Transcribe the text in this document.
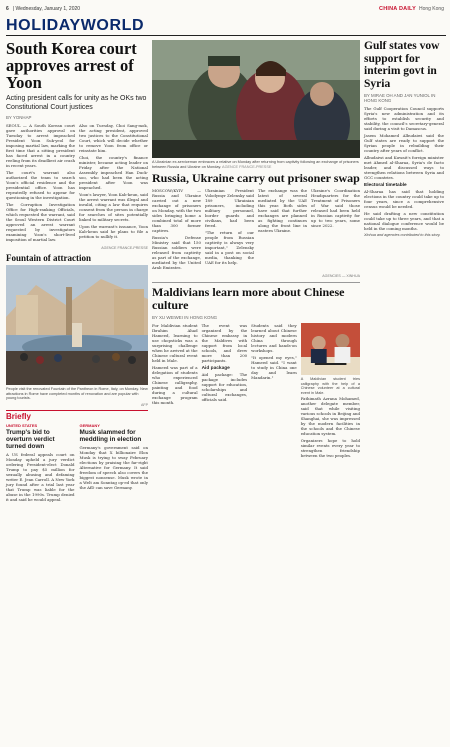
6 | Wednesday, January 1, 2020	CHINA DAILY Hong Kong
HOLIDAYWORLD
South Korea court approves arrest of Yoon
Acting president calls for unity as he OKs two Constitutional Court justices
BY YONHAP

SEOUL — A South Korean court gave authorities approval on Tuesday to arrest impeached President Yoon Suk-yeol for imposing martial law, marking the first time that a sitting president has faced arrest in a country reeling from its deadliest air crash in recent years.

The court's warrant also authorized the team to search Yoon's official residence and the presidential office. Yoon has repeatedly refused to appear for questioning in the investigation.

The Corruption Investigation Office for High-ranking Officials, which requested the warrant, said the Seoul Western District Court approved an arrest warrant requested by investigators examining Yoon's short-lived imposition of martial law.

Also on Tuesday, Choi Sang-mok, the acting president, approved two justices to the Constitutional Court, which will decide whether to remove Yoon from office or reinstate him.

Choi, the country's finance minister, became acting leader on Friday after the National Assembly impeached Han Duck-soo, who had been the acting president after Yoon was impeached.

Yoon's lawyer, Yoon Kab-keun, said the arrest warrant was illegal and invalid, citing a law that requires consent from the person in charge for searches of sites potentially linked to military secrets.

Upon the warrant's issuance, Yoon Kab-keun said he plans to file a petition to nullify it.

AGENCE FRANCE-PRESSE
Fountain of attraction
People visit the renovated Fountain of the Pantheon in Rome, Italy, on Monday. New attractions in Rome have completed months of renovation and are popular with young tourists.
AFP
Briefly
UNITED STATES
Trump's bid to overturn verdict turned down
A US federal appeals court on Monday upheld a jury verdict ordering President-elect Donald Trump to pay $5 million for sexually abusing and defaming writer E. Jean Carroll. A New York jury found after a trial last year that Trump was liable for the abuse in the 1990s. Trump denied it and said he would appeal.
GERMANY
Musk slammed for meddling in election
Germany's government said on Monday that X billionaire Elon Musk is trying to sway February elections by praising the far-right Alternative for Germany. It said freedom of speech also covers the biggest nonsense. Musk wrote in a Welt am Sonntag op-ed that only the AfD can save Germany.
A Ukrainian ex-serviceman embraces a relative on Monday after returning from captivity following an exchange of prisoners between Russia and Ukraine on Monday. AGENCE FRANCE-PRESSE
Russia, Ukraine carry out prisoner swap

MOSCOW/KYIV — Russia and Ukraine carried out a new exchange of prisoners on Monday, with the two sides bringing home a combined total of more than 300 former captives.

Russia's Defense Ministry said that 150 Russian soldiers were released from captivity as part of the exchange, mediated by the United Arab Emirates.

Ukrainian President Volodymyr Zelensky said 189 Ukrainian prisoners, including military personnel, border guards and civilians, had been freed.

"The return of our people from Russian captivity is always very important," Zelensky said in a post on social media, thanking the UAE for its help.

The exchange was the latest of several mediated by the UAE this year. Both sides have said that further exchanges are planned as fighting continues along the front line in eastern Ukraine.

Ukraine's Coordination Headquarters for the Treatment of Prisoners of War said those released had been held in Russian captivity for up to two years, some since 2022.

AGENCIES — XINHUA
Maldivians learn more about Chinese culture
BY XU WEIWEI IN HONG KONG

For Maldivian student Ibrahim Ahad Hameed, learning to use chopsticks was a surprising challenge when he arrived at the Chinese cultural event held in Male.

Hameed was part of a delegation of students who experienced Chinese calligraphy, painting and food during a cultural exchange program this month.

The event was organized by the Chinese embassy in the Maldives with support from local schools, and drew more than 200 participants.

Aid package

Aid package: The package includes support for education, scholarships and cultural exchanges, officials said.

Students said they learned about Chinese history and modern China through lectures and hands-on workshops.

"It opened my eyes," Hameed said. "I want to study in China one day and learn Mandarin."	A Maldivian student tries calligraphy with the help of a Chinese volunteer at a cultural event in Male.

Fathimath Azrana Mohamed, another delegate member, said that while visiting various schools in Beijing and Shanghai, she was impressed by the modern facilities in the schools and the Chinese education system.

Organizers hope to hold similar events every year to strengthen friendship between the two peoples.

Gulf states vow support for interim govt in Syria
BY MIRAE OH AND JAN YUNIOL IN HONG KONG

The Gulf Cooperation Council supports Syria's new administration and its efforts to establish security and stability, the council's secretary-general said during a visit to Damascus.

Jasem Mohamed Albudaiwi said the Gulf states are ready to support the Syrian people in rebuilding their country after years of conflict.

Albudaiwi and Kuwait's foreign minister met Ahmed al-Sharaa, Syria's de facto leader, and discussed ways to strengthen relations between Syria and GCC countries.

Electoral timetable

Al-Sharaa has said that holding elections in the country could take up to four years, since a comprehensive census would be needed.

He said drafting a new constitution could take up to three years, and that a national dialogue conference would be held in the coming months.

Xinhua and agencies contributed to this story.
